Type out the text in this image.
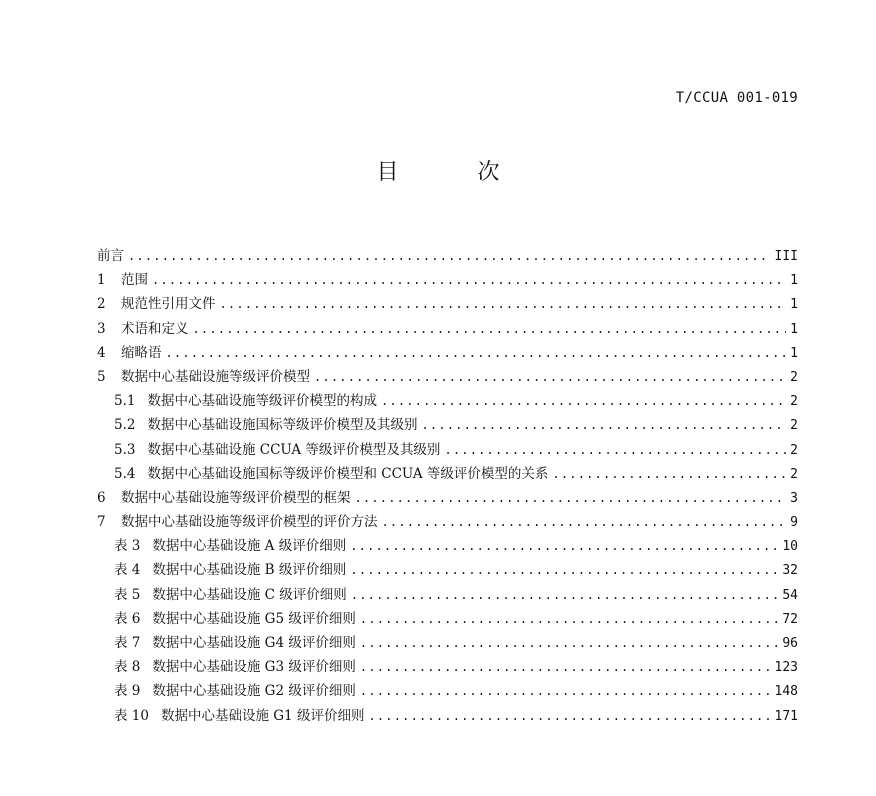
T/CCUA 001-019
目 次
前言 .....	III
1 范围 .....	1
2 规范性引用文件 .....	1
3 术语和定义 .....	1
4 缩略语 .....	1
5 数据中心基础设施等级评价模型 .....	2
5.1 数据中心基础设施等级评价模型的构成 .....	2
5.2 数据中心基础设施国标等级评价模型及其级别 .....	2
5.3 数据中心基础设施 CCUA 等级评价模型及其级别 .....	2
5.4 数据中心基础设施国标等级评价模型和 CCUA 等级评价模型的关系 .....	2
6 数据中心基础设施等级评价模型的框架 .....	3
7 数据中心基础设施等级评价模型的评价方法 .....	9
表 3 数据中心基础设施 A 级评价细则 .....	10
表 4 数据中心基础设施 B 级评价细则 .....	32
表 5 数据中心基础设施 C 级评价细则 .....	54
表 6 数据中心基础设施 G5 级评价细则 .....	72
表 7 数据中心基础设施 G4 级评价细则 .....	96
表 8 数据中心基础设施 G3 级评价细则 .....	123
表 9 数据中心基础设施 G2 级评价细则 .....	148
表 10 数据中心基础设施 G1 级评价细则 .....	171
